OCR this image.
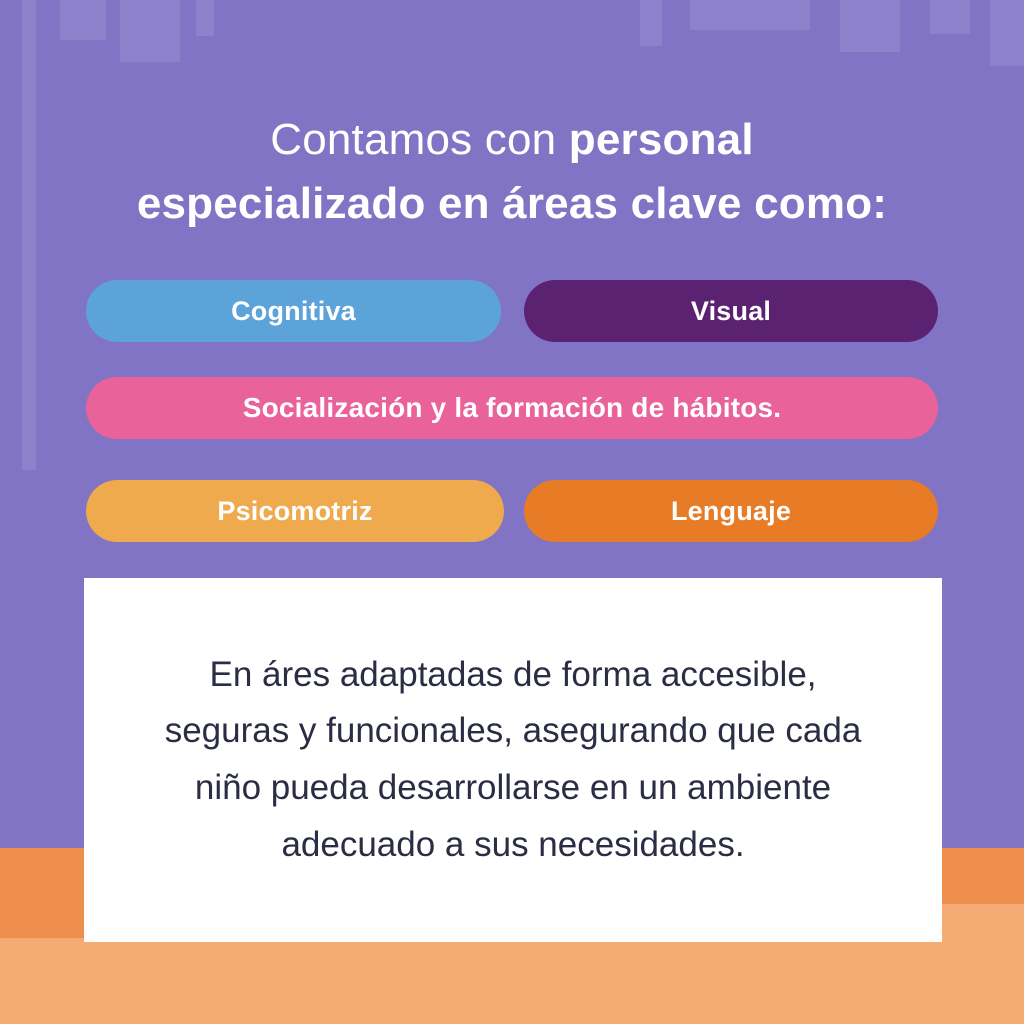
Contamos con personal
especializado en áreas clave como:
Cognitiva	Visual
Socialización y la formación de hábitos.
Psicomotriz	Lenguaje

En áres adaptadas de forma accesible, seguras y funcionales, asegurando que cada niño pueda desarrollarse en un ambiente adecuado a sus necesidades.
